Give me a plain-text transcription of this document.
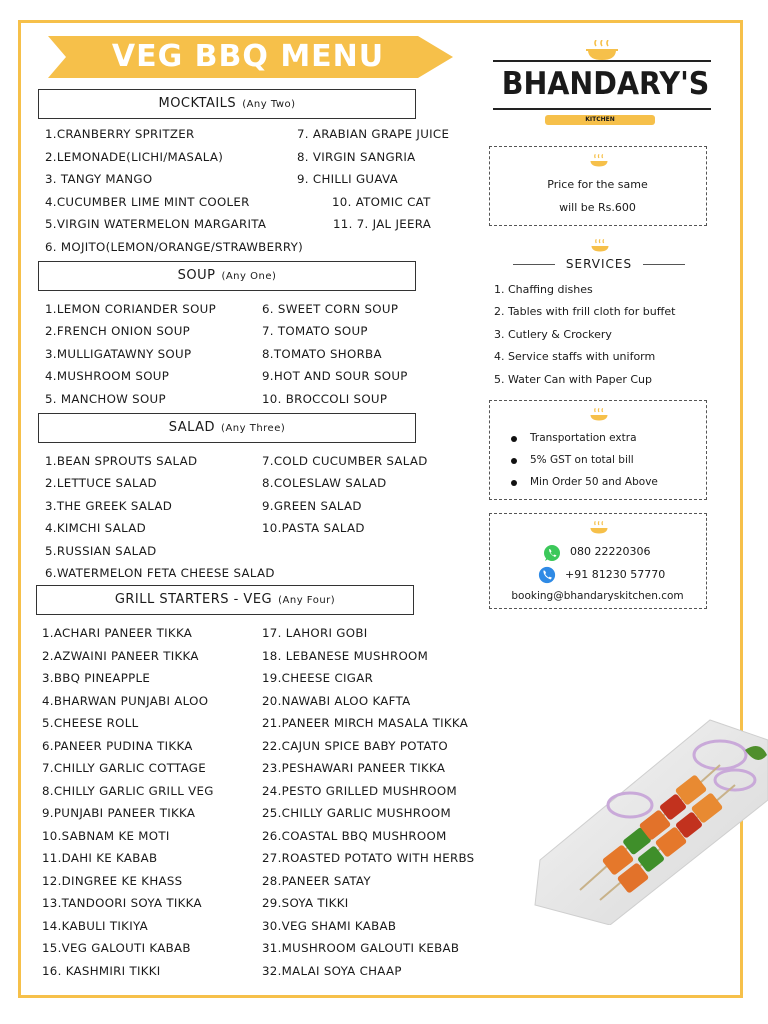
VEG BBQ MENU
BHANDARY'S
KITCHEN
Price for the same
will be Rs.600
SERVICES
1. Chaffing dishes
2. Tables with frill cloth for buffet
3. Cutlery & Crockery
4. Service staffs with uniform
5. Water Can with Paper Cup
Transportation extra
5% GST on total bill
Min Order 50 and Above
080 22220306
+91 81230 57770
booking@bhandaryskitchen.com
MOCKTAILS (Any Two)
1.CRANBERRY SPRITZER
2.LEMONADE(LICHI/MASALA)
3. TANGY MANGO
4.CUCUMBER LIME MINT COOLER
5.VIRGIN WATERMELON MARGARITA
6. MOJITO(LEMON/ORANGE/STRAWBERRY)
7. ARABIAN GRAPE JUICE
8. VIRGIN SANGRIA
9. CHILLI GUAVA
10. ATOMIC CAT
11. 7. JAL JEERA
SOUP (Any One)
1.LEMON CORIANDER SOUP
2.FRENCH ONION SOUP
3.MULLIGATAWNY SOUP
4.MUSHROOM SOUP
5. MANCHOW SOUP
6. SWEET CORN SOUP
7. TOMATO SOUP
8.TOMATO SHORBA
9.HOT AND SOUR SOUP
10. BROCCOLI SOUP
SALAD (Any Three)
1.BEAN SPROUTS SALAD
2.LETTUCE SALAD
3.THE GREEK SALAD
4.KIMCHI SALAD
5.RUSSIAN SALAD
6.WATERMELON FETA CHEESE SALAD
7.COLD CUCUMBER SALAD
8.COLESLAW SALAD
9.GREEN SALAD
10.PASTA SALAD
GRILL STARTERS - VEG (Any Four)
1.ACHARI PANEER TIKKA
2.AZWAINI PANEER TIKKA
3.BBQ PINEAPPLE
4.BHARWAN PUNJABI ALOO
5.CHEESE ROLL
6.PANEER PUDINA TIKKA
7.CHILLY GARLIC COTTAGE
8.CHILLY GARLIC GRILL VEG
9.PUNJABI PANEER TIKKA
10.SABNAM KE MOTI
11.DAHI KE KABAB
12.DINGREE KE KHASS
13.TANDOORI SOYA TIKKA
14.KABULI TIKIYA
15.VEG GALOUTI KABAB
16. KASHMIRI TIKKI
17. LAHORI GOBI
18. LEBANESE MUSHROOM
19.CHEESE CIGAR
20.NAWABI ALOO KAFTA
21.PANEER MIRCH MASALA TIKKA
22.CAJUN SPICE BABY POTATO
23.PESHAWARI PANEER TIKKA
24.PESTO GRILLED MUSHROOM
25.CHILLY GARLIC MUSHROOM
26.COASTAL BBQ MUSHROOM
27.ROASTED POTATO WITH HERBS
28.PANEER SATAY
29.SOYA TIKKI
30.VEG SHAMI KABAB
31.MUSHROOM GALOUTI KEBAB
32.MALAI SOYA CHAAP
